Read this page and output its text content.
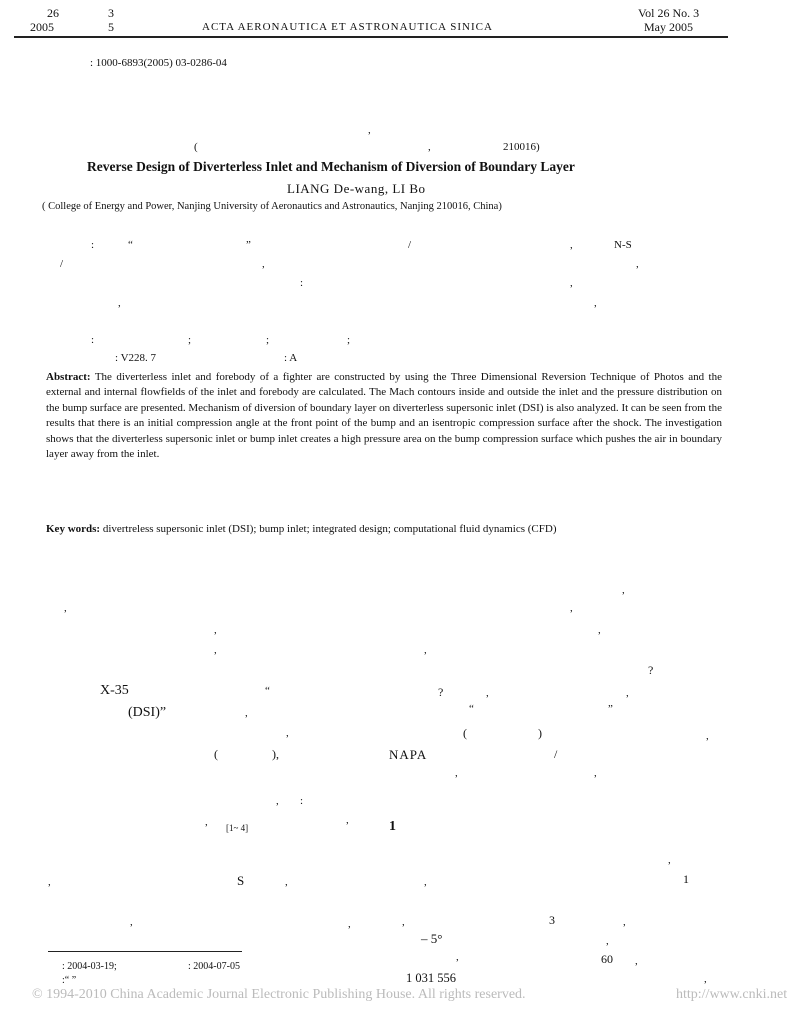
26	3
2005	5	ACTA AERONAUTICA ET ASTRONAUTICA SINICA
Vol 26 No. 3
May 2005
: 1000-6893(2005) 03-0286-04
,
(	,	210016)
Reverse Design of Diverterless Inlet and Mechanism of Diversion of Boundary Layer
LIANG De-wang, LI Bo
( College of Energy and Power, Nanjing University of Aeronautics and Astronautics, Nanjing 210016, China)
:	“	”	/	,	N-S
/	,	,
:	,
,	,
:	;	;	;
: V228. 7	: A
Abstract: The diverterless inlet and forebody of a fighter are constructed by using the Three Dimensional Reversion Technique of Photos and the external and internal flowfields of the inlet and forebody are calculated. The Mach contours inside and outside the inlet and the pressure distribution on the bump surface are presented. Mechanism of diversion of boundary layer on diverterless supersonic inlet (DSI) is also analyzed. It can be seen from the results that there is an initial compression angle at the front point of the bump and an isentropic compression surface after the shock. The investigation shows that the diverterless supersonic inlet or bump inlet creates a high pressure area on the bump compression surface which pushes the air in boundary layer away from the inlet.
Key words: divertreless supersonic inlet (DSI); bump inlet; integrated design; computational fluid dynamics (CFD)
,
,	,
,	,
,	,
?
X-35	“	?	,	,
(DSI)”	,	“	”
,	(	)	,
(	),	NAPA	/
,	,
, :
, [1~ 4]
,	1
,
,	S	,	,	1
,	,	,	3	,
– 5°	,
,	60 ,
: 2004-03-19;	: 2004-07-05
:“ ”	1 031 556	,
© 1994-2010 China Academic Journal Electronic Publishing House. All rights reserved.	http://www.cnki.net
